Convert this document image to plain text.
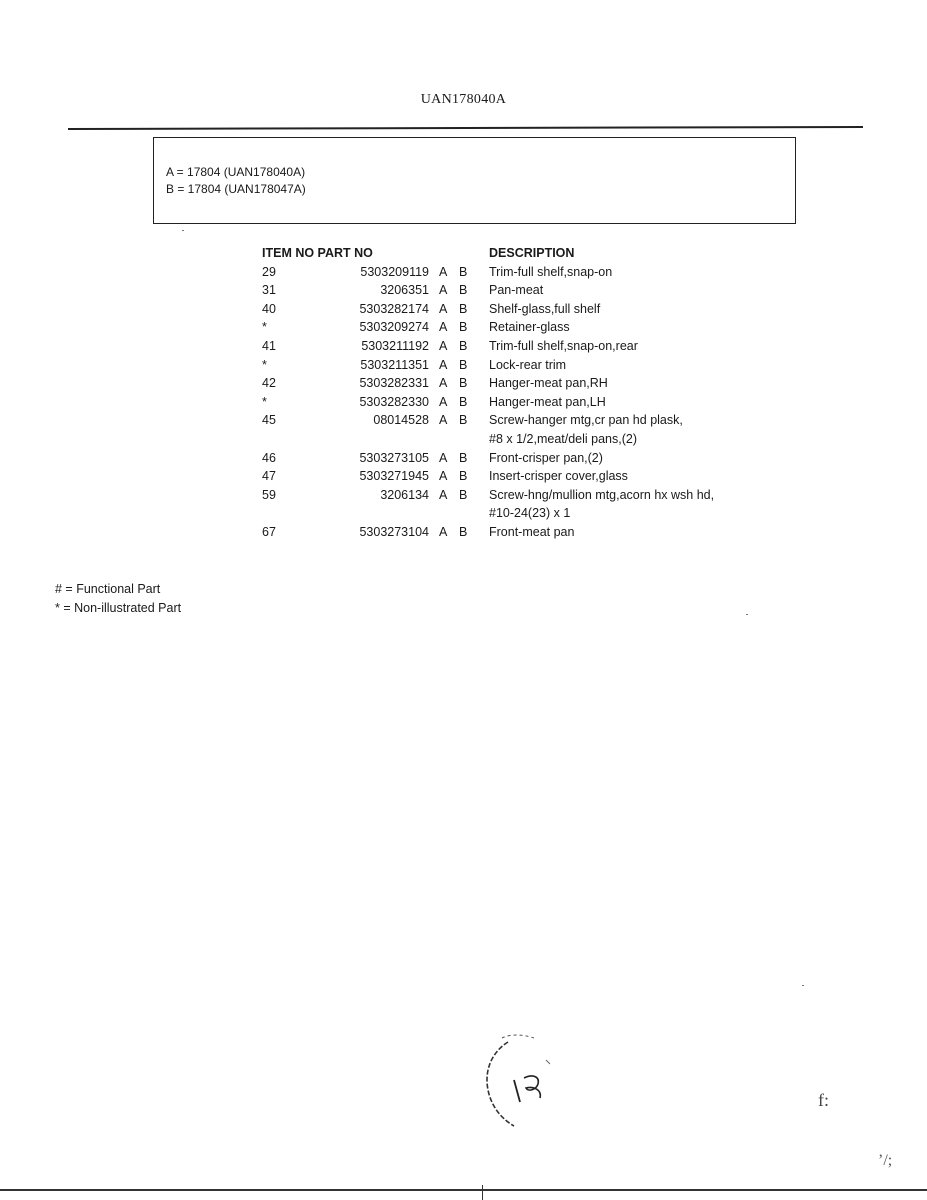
UAN178040A
A = 17804 (UAN178040A)
B = 17804 (UAN178047A)
ITEM NO PART NO	DESCRIPTION
29	5303209119 A B Trim-full shelf,snap-on
31	3206351 A B Pan-meat
40	5303282174 A B Shelf-glass,full shelf
*	5303209274 A B Retainer-glass
41	5303211192 A B Trim-full shelf,snap-on,rear
*	5303211351 A B Lock-rear trim
42	5303282331 A B Hanger-meat pan,RH
*	5303282330 A B Hanger-meat pan,LH
45	08014528 A B Screw-hanger mtg,cr pan hd plask,
#8 x 1/2,meat/deli pans,(2)
46	5303273105 A B Front-crisper pan,(2)
47	5303271945 A B Insert-crisper cover,glass
59	3206134 A B Screw-hng/mullion mtg,acorn hx wsh hd,
#10-24(23) x 1
67	5303273104 A B Front-meat pan
# = Functional Part
* = Non-illustrated Part
f:
’/;
